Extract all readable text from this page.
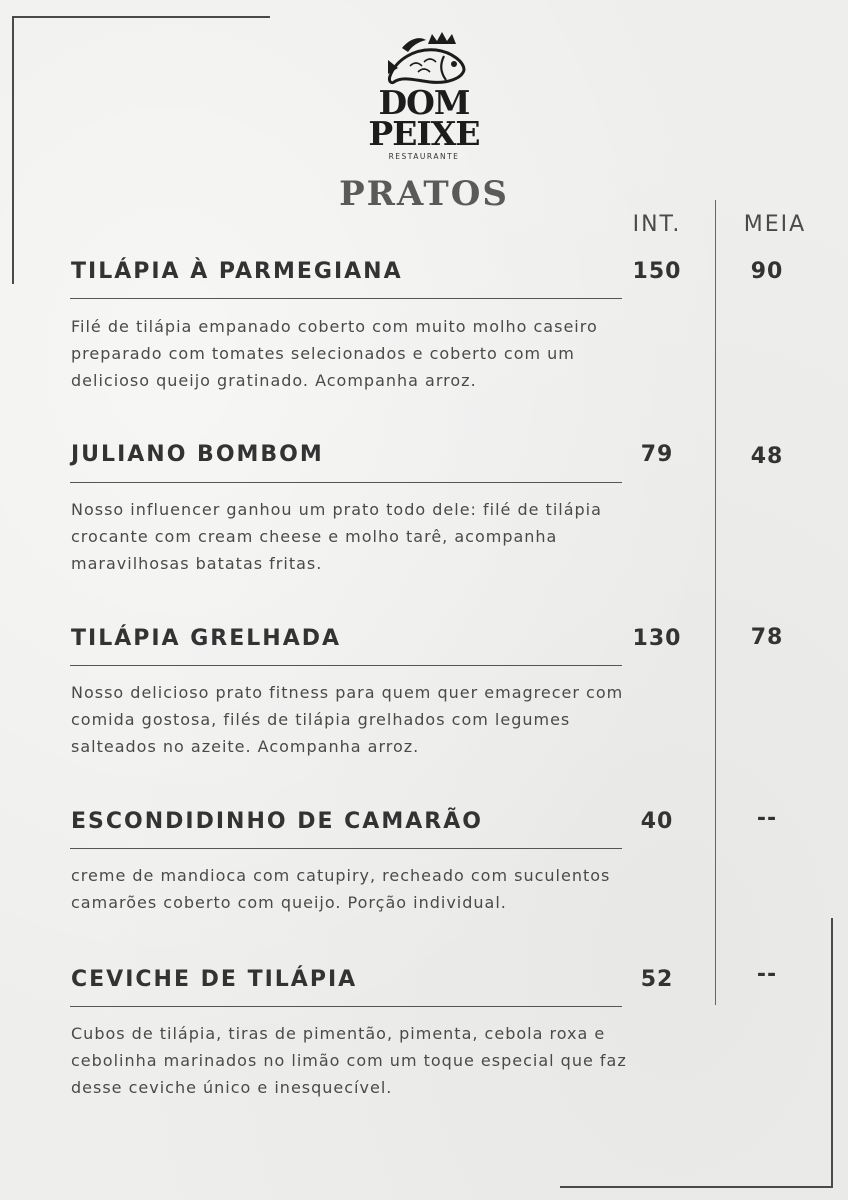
DOM
PEIXE
RESTAURANTE
PRATOS
INT.	MEIA
TILÁPIA À PARMEGIANA	150	90
Filé de tilápia empanado coberto com muito molho caseiro preparado com tomates selecionados e coberto com um delicioso queijo gratinado. Acompanha arroz.
JULIANO BOMBOM	79	48
Nosso influencer ganhou um prato todo dele: filé de tilápia crocante com cream cheese e molho tarê, acompanha maravilhosas batatas fritas.
TILÁPIA GRELHADA	130	78
Nosso delicioso prato fitness para quem quer emagrecer com comida gostosa, filés de tilápia grelhados com legumes salteados no azeite. Acompanha arroz.
ESCONDIDINHO DE CAMARÃO	40	--
creme de mandioca com catupiry, recheado com suculentos camarões coberto com queijo. Porção individual.
CEVICHE DE TILÁPIA	52	--
Cubos de tilápia, tiras de pimentão, pimenta, cebola roxa e cebolinha marinados no limão com um toque especial que faz desse ceviche único e inesquecível.
